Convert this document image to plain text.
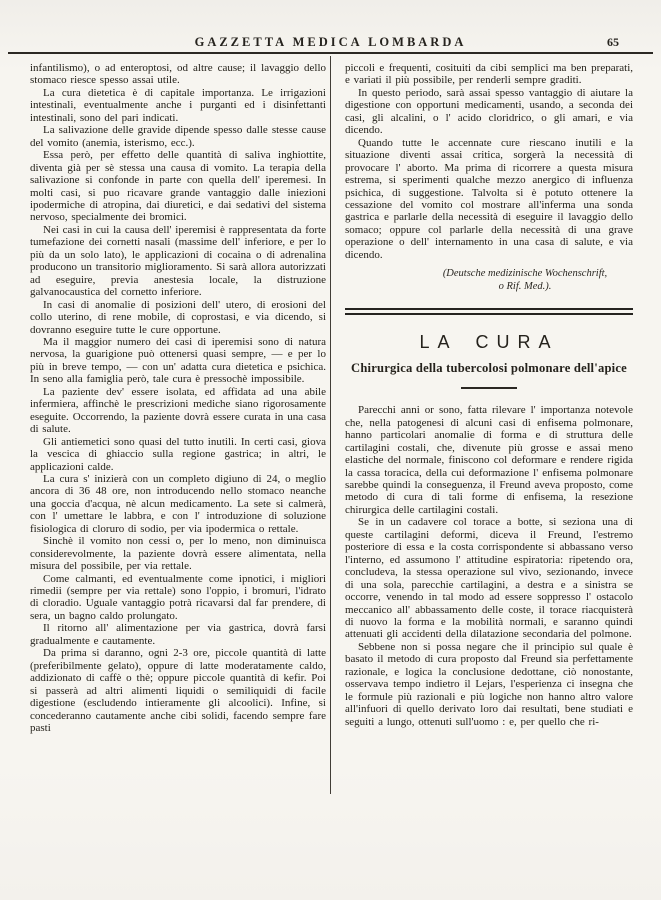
GAZZETTA MEDICA LOMBARDA	65

infantilismo), o ad enteroptosi, od altre cause; il lavaggio dello stomaco riesce spesso assai utile.

La cura dietetica è di capitale importanza. Le irrigazioni intestinali, eventualmente anche i purganti ed i disinfettanti intestinali, sono del pari indicati.

La salivazione delle gravide dipende spesso dalle stesse cause del vomito (anemia, isterismo, ecc.).

Essa però, per effetto delle quantità di saliva inghiottite, diventa già per sè stessa una causa di vomito. La terapia della salivazione si confonde in parte con quella dell' iperemesi. In molti casi, si puo ricavare grande vantaggio dalle iniezioni ipodermiche di atropina, dai diuretici, e dai sedativi del sistema nervoso, specialmente dei bromici.

Nei casi in cui la causa dell' iperemisi è rappresentata da forte tumefazione dei cornetti nasali (massime dell' inferiore, e per lo più da un solo lato), le applicazioni di cocaina o di adrenalina producono un transitorio miglioramento. Si sarà allora autorizzati ad eseguire, previa anestesia locale, la distruzione galvanocaustica del cornetto inferiore.

In casi di anomalie di posizioni dell' utero, di erosioni del collo uterino, di rene mobile, di coprostasi, e via dicendo, si dovranno eseguire tutte le cure opportune.

Ma il maggior numero dei casi di iperemisi sono di natura nervosa, la guarigione può ottenersi quasi sempre, — e per lo più in breve tempo, — con un' adatta cura dietetica e psichica. In seno alla famiglia però, tale cura è pressochè impossibile.

La paziente dev' essere isolata, ed affidata ad una abile infermiera, affinchè le prescrizioni mediche siano rigorosamente eseguite. Occorrendo, la paziente dovrà essere curata in una casa di salute.

Gli antiemetici sono quasi del tutto inutili. In certi casi, giova la vescica di ghiaccio sulla regione gastrica; in altri, le applicazioni calde.

La cura s' inizierà con un completo digiuno di 24, o meglio ancora di 36 48 ore, non introducendo nello stomaco neanche una goccia d'acqua, nè alcun medicamento. La sete si calmerà, con l' umettare le labbra, e con l' introduzione di soluzione fisiologica di cloruro di sodio, per via ipodermica o rettale.

Sinchè il vomito non cessi o, per lo meno, non diminuisca considerevolmente, la paziente dovrà essere alimentata, nella misura del possibile, per via rettale.

Come calmanti, ed eventualmente come ipnotici, i migliori rimedii (sempre per via rettale) sono l'oppio, i bromuri, l'idrato di cloradio. Uguale vantaggio potrà ricavarsi dal far prendere, di sera, un bagno caldo prolungato.

Il ritorno all' alimentazione per via gastrica, dovrà farsi gradualmente e cautamente.

Da prima si daranno, ogni 2-3 ore, piccole quantità di latte (preferibilmente gelato), oppure di latte moderatamente caldo, addizionato di caffè o thè; oppure piccole quantità di kefir. Poi si passerà ad altri alimenti liquidi o semiliquidi di facile digestione (escludendo intieramente gli alcoolici). Infine, si concederanno cautamente anche cibi solidi, facendo sempre fare pasti

piccoli e frequenti, cosituiti da cibi semplici ma ben preparati, e variati il più possibile, per renderli sempre graditi.

In questo periodo, sarà assai spesso vantaggio di aiutare la digestione con opportuni medicamenti, usando, a seconda dei casi, gli alcalini, o l' acido cloridrico, o gli amari, e via dicendo.

Quando tutte le accennate cure riescano inutili e la situazione diventi assai critica, sorgerà la necessità di provocare l' aborto. Ma prima di ricorrere a questa misura estrema, si sperimenti qualche mezzo anergico di influenza psichica, di suggestione. Talvolta si è potuto ottenere la cessazione del vomito col mostrare all'inferma una sonda gastrica e parlarle della necessità di eseguire il lavaggio dello somaco; oppure col parlarle della necessità di una grave operazione o dell' internamento in una casa di salute, e via dicendo.

(Deutsche medizinische Wochenschrift,
o Rif. Med.).
LA CURA
Chirurgica della tubercolosi polmonare dell'apice

Parecchi anni or sono, fatta rilevare l' importanza notevole che, nella patogenesi di alcuni casi di enfisema polmonare, hanno particolari anomalie di forma e di struttura delle cartilagini costali, che, divenute più grosse e assai meno elastiche del normale, finiscono col deformare e rendere rigida la cassa toracica, della cui deformazione l' enfisema polmonare sarebbe quindi la conseguenza, il Freund aveva proposto, come metodo di cura di tali forme di enfisema, la resezione chirurgica delle cartilagini costali.

Se in un cadavere col torace a botte, si seziona una di queste cartilagini deformi, diceva il Freund, l'estremo posteriore di essa e la costa corrispondente si abbassano verso l'interno, ed assumono l' attitudine espiratoria: ripetendo ora, concludeva, la stessa operazione sul vivo, sezionando, invece di una sola, parecchie cartilagini, a destra e a sinistra se occorre, venendo in tal modo ad essere soppresso l' ostacolo meccanico all' abbassamento delle coste, il torace riacquisterà di nuovo la forma e la mobilità normali, e saranno quindi attenuati gli accidenti della dilatazione secondaria del polmone.

Sebbene non si possa negare che il principio sul quale è basato il metodo di cura proposto dal Freund sia perfettamente razionale, e logica la conclusione dedottane, ciò nonostante, osservava tempo indietro il Lejars, l'esperienza ci insegna che le formule più razionali e più logiche non hanno altro valore all'infuori di quello derivato loro dai resultati, bene studiati e seguiti a lungo, ottenuti sull'uomo : e, per quello che ri-
